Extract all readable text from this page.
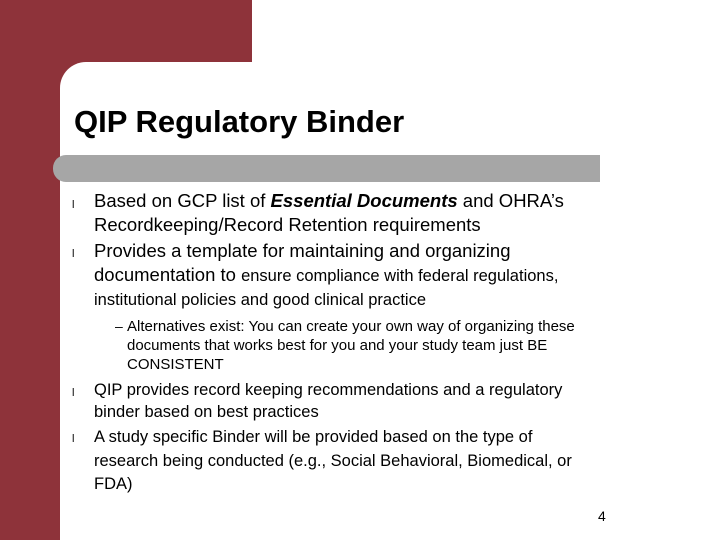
QIP Regulatory Binder
l Based on GCP list of Essential Documents and OHRA’s
Recordkeeping/Record Retention requirements
l Provides a template for maintaining and organizing
documentation to ensure compliance with federal regulations,
institutional policies and good clinical practice
– Alternatives exist: You can create your own way of organizing these
documents that works best for you and your study team just BE
CONSISTENT
l QIP provides record keeping recommendations and a regulatory
binder based on best practices
l A study specific Binder will be provided based on the type of
research being conducted (e.g., Social Behavioral, Biomedical, or
FDA)
4
